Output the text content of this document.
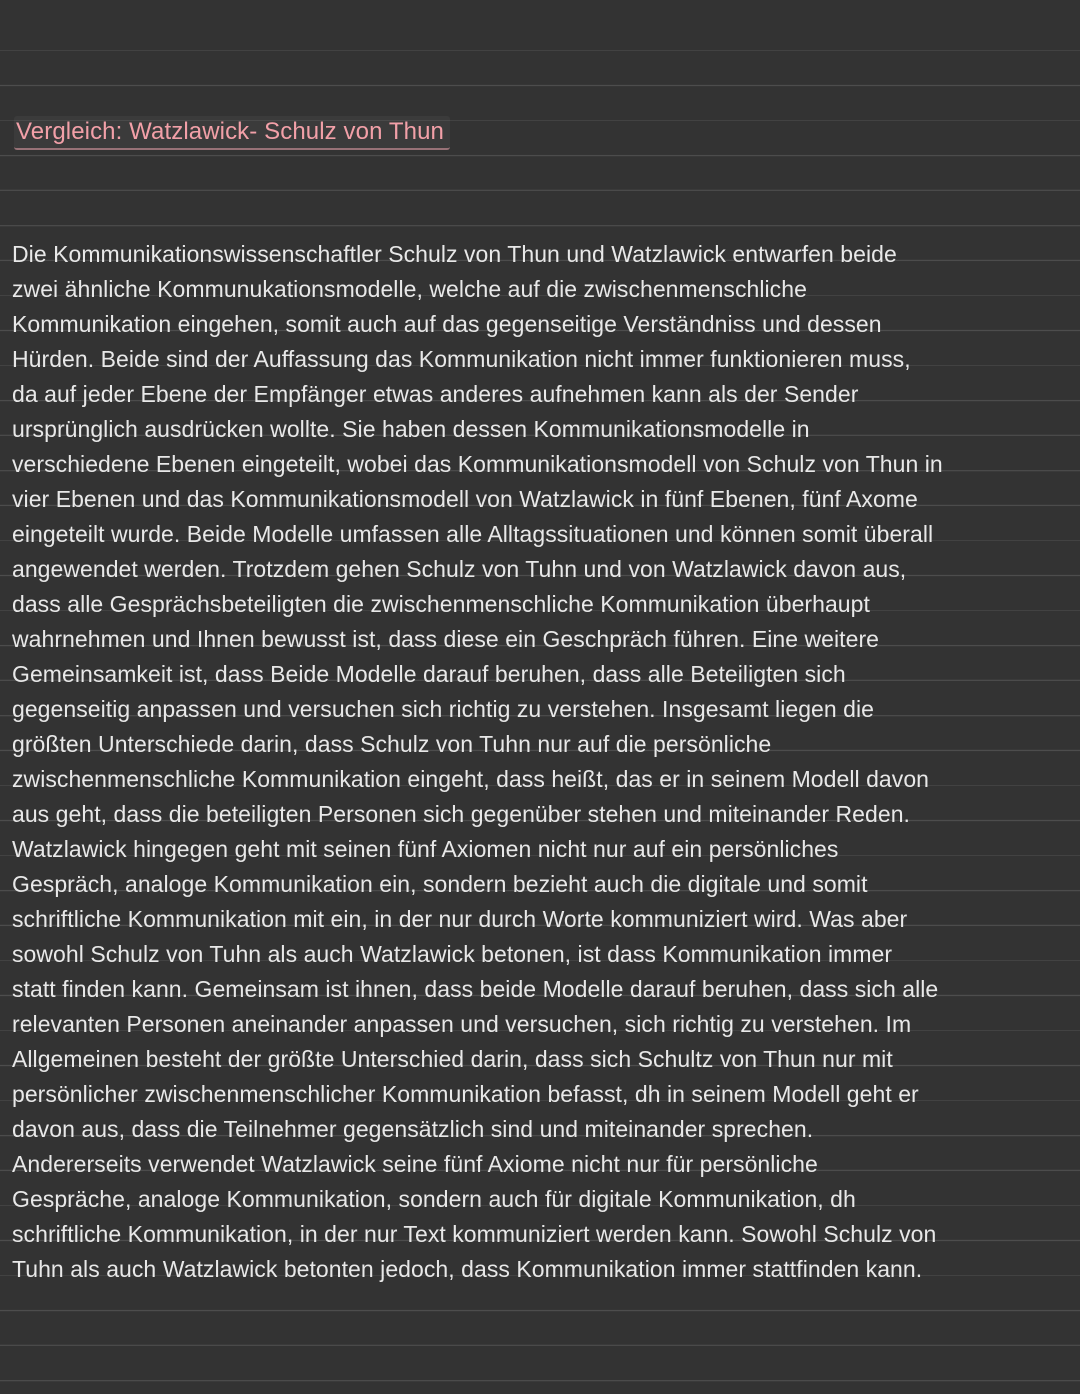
Vergleich: Watzlawick- Schulz von Thun
Die Kommunikationswissenschaftler Schulz von Thun und Watzlawick entwarfen beide
zwei ähnliche Kommunukationsmodelle, welche auf die zwischenmenschliche
Kommunikation eingehen, somit auch auf das gegenseitige Verständniss und dessen
Hürden. Beide sind der Auffassung das Kommunikation nicht immer funktionieren muss,
da auf jeder Ebene der Empfänger etwas anderes aufnehmen kann als der Sender
ursprünglich ausdrücken wollte. Sie haben dessen Kommunikationsmodelle in
verschiedene Ebenen eingeteilt, wobei das Kommunikationsmodell von Schulz von Thun in
vier Ebenen und das Kommunikationsmodell von Watzlawick in fünf Ebenen, fünf Axome
eingeteilt wurde. Beide Modelle umfassen alle Alltagssituationen und können somit überall
angewendet werden. Trotzdem gehen Schulz von Tuhn und von Watzlawick davon aus,
dass alle Gesprächsbeteiligten die zwischenmenschliche Kommunikation überhaupt
wahrnehmen und Ihnen bewusst ist, dass diese ein Geschpräch führen. Eine weitere
Gemeinsamkeit ist, dass Beide Modelle darauf beruhen, dass alle Beteiligten sich
gegenseitig anpassen und versuchen sich richtig zu verstehen. Insgesamt liegen die
größten Unterschiede darin, dass Schulz von Tuhn nur auf die persönliche
zwischenmenschliche Kommunikation eingeht, dass heißt, das er in seinem Modell davon
aus geht, dass die beteiligten Personen sich gegenüber stehen und miteinander Reden.
Watzlawick hingegen geht mit seinen fünf Axiomen nicht nur auf ein persönliches
Gespräch, analoge Kommunikation ein, sondern bezieht auch die digitale und somit
schriftliche Kommunikation mit ein, in der nur durch Worte kommuniziert wird. Was aber
sowohl Schulz von Tuhn als auch Watzlawick betonen, ist dass Kommunikation immer
statt finden kann. Gemeinsam ist ihnen, dass beide Modelle darauf beruhen, dass sich alle
relevanten Personen aneinander anpassen und versuchen, sich richtig zu verstehen. Im
Allgemeinen besteht der größte Unterschied darin, dass sich Schultz von Thun nur mit
persönlicher zwischenmenschlicher Kommunikation befasst, dh in seinem Modell geht er
davon aus, dass die Teilnehmer gegensätzlich sind und miteinander sprechen.
Andererseits verwendet Watzlawick seine fünf Axiome nicht nur für persönliche
Gespräche, analoge Kommunikation, sondern auch für digitale Kommunikation, dh
schriftliche Kommunikation, in der nur Text kommuniziert werden kann. Sowohl Schulz von
Tuhn als auch Watzlawick betonten jedoch, dass Kommunikation immer stattfinden kann.
